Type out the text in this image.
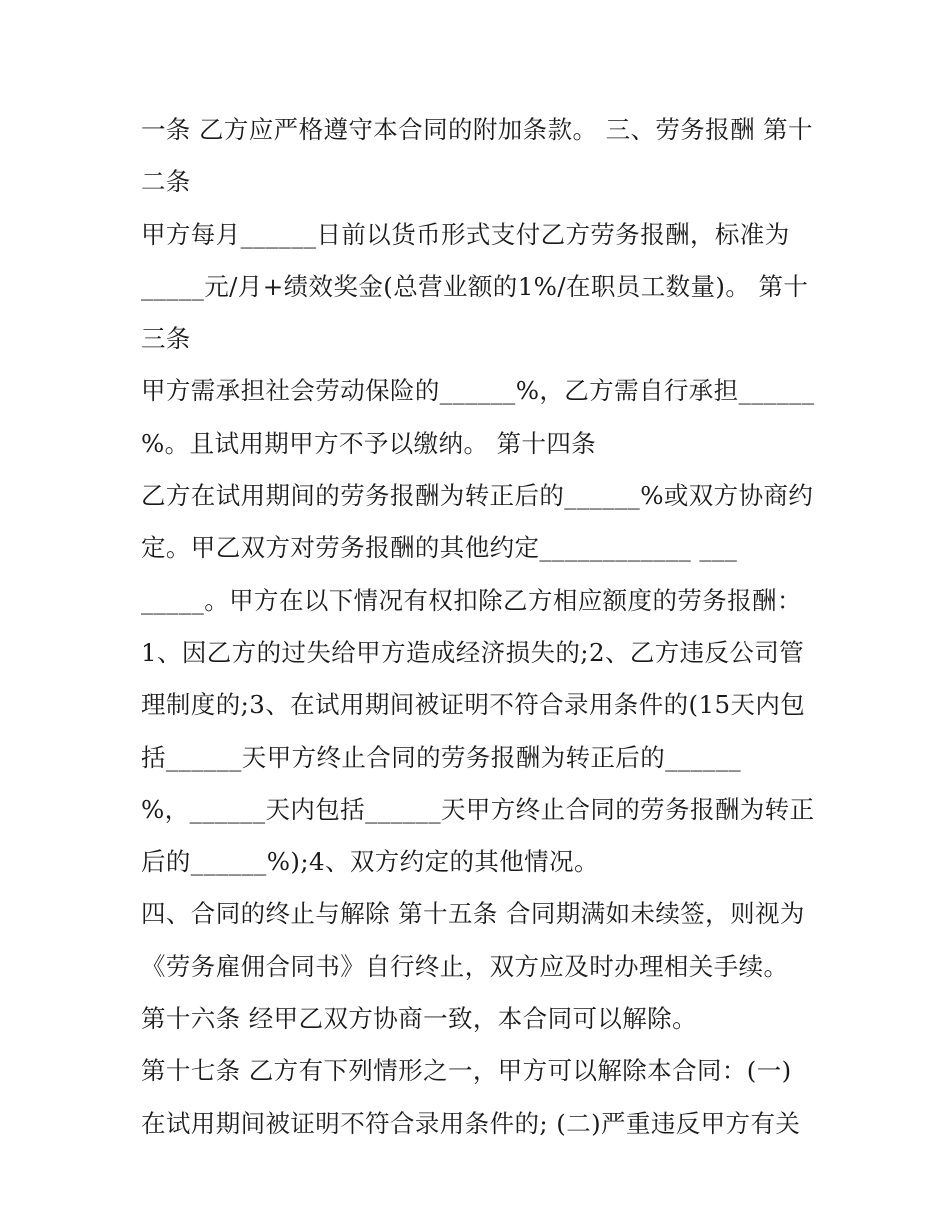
一条 乙方应严格遵守本合同的附加条款。 三、劳务报酬 第十
二条
甲方每月______日前以货币形式支付乙方劳务报酬，标准为
_____元/月+绩效奖金(总营业额的1%/在职员工数量)。 第十
三条
甲方需承担社会劳动保险的______%，乙方需自行承担______
%。且试用期甲方不予以缴纳。 第十四条
乙方在试用期间的劳务报酬为转正后的______%或双方协商约
定。甲乙双方对劳务报酬的其他约定____________ ___
_____。甲方在以下情况有权扣除乙方相应额度的劳务报酬：
1、因乙方的过失给甲方造成经济损失的;2、乙方违反公司管
理制度的;3、在试用期间被证明不符合录用条件的(15天内包
括______天甲方终止合同的劳务报酬为转正后的______
%，______天内包括______天甲方终止合同的劳务报酬为转正
后的______%);4、双方约定的其他情况。
四、合同的终止与解除 第十五条 合同期满如未续签，则视为
《劳务雇佣合同书》自行终止，双方应及时办理相关手续。
第十六条 经甲乙双方协商一致，本合同可以解除。
第十七条 乙方有下列情形之一，甲方可以解除本合同：(一)
在试用期间被证明不符合录用条件的; (二)严重违反甲方有关
